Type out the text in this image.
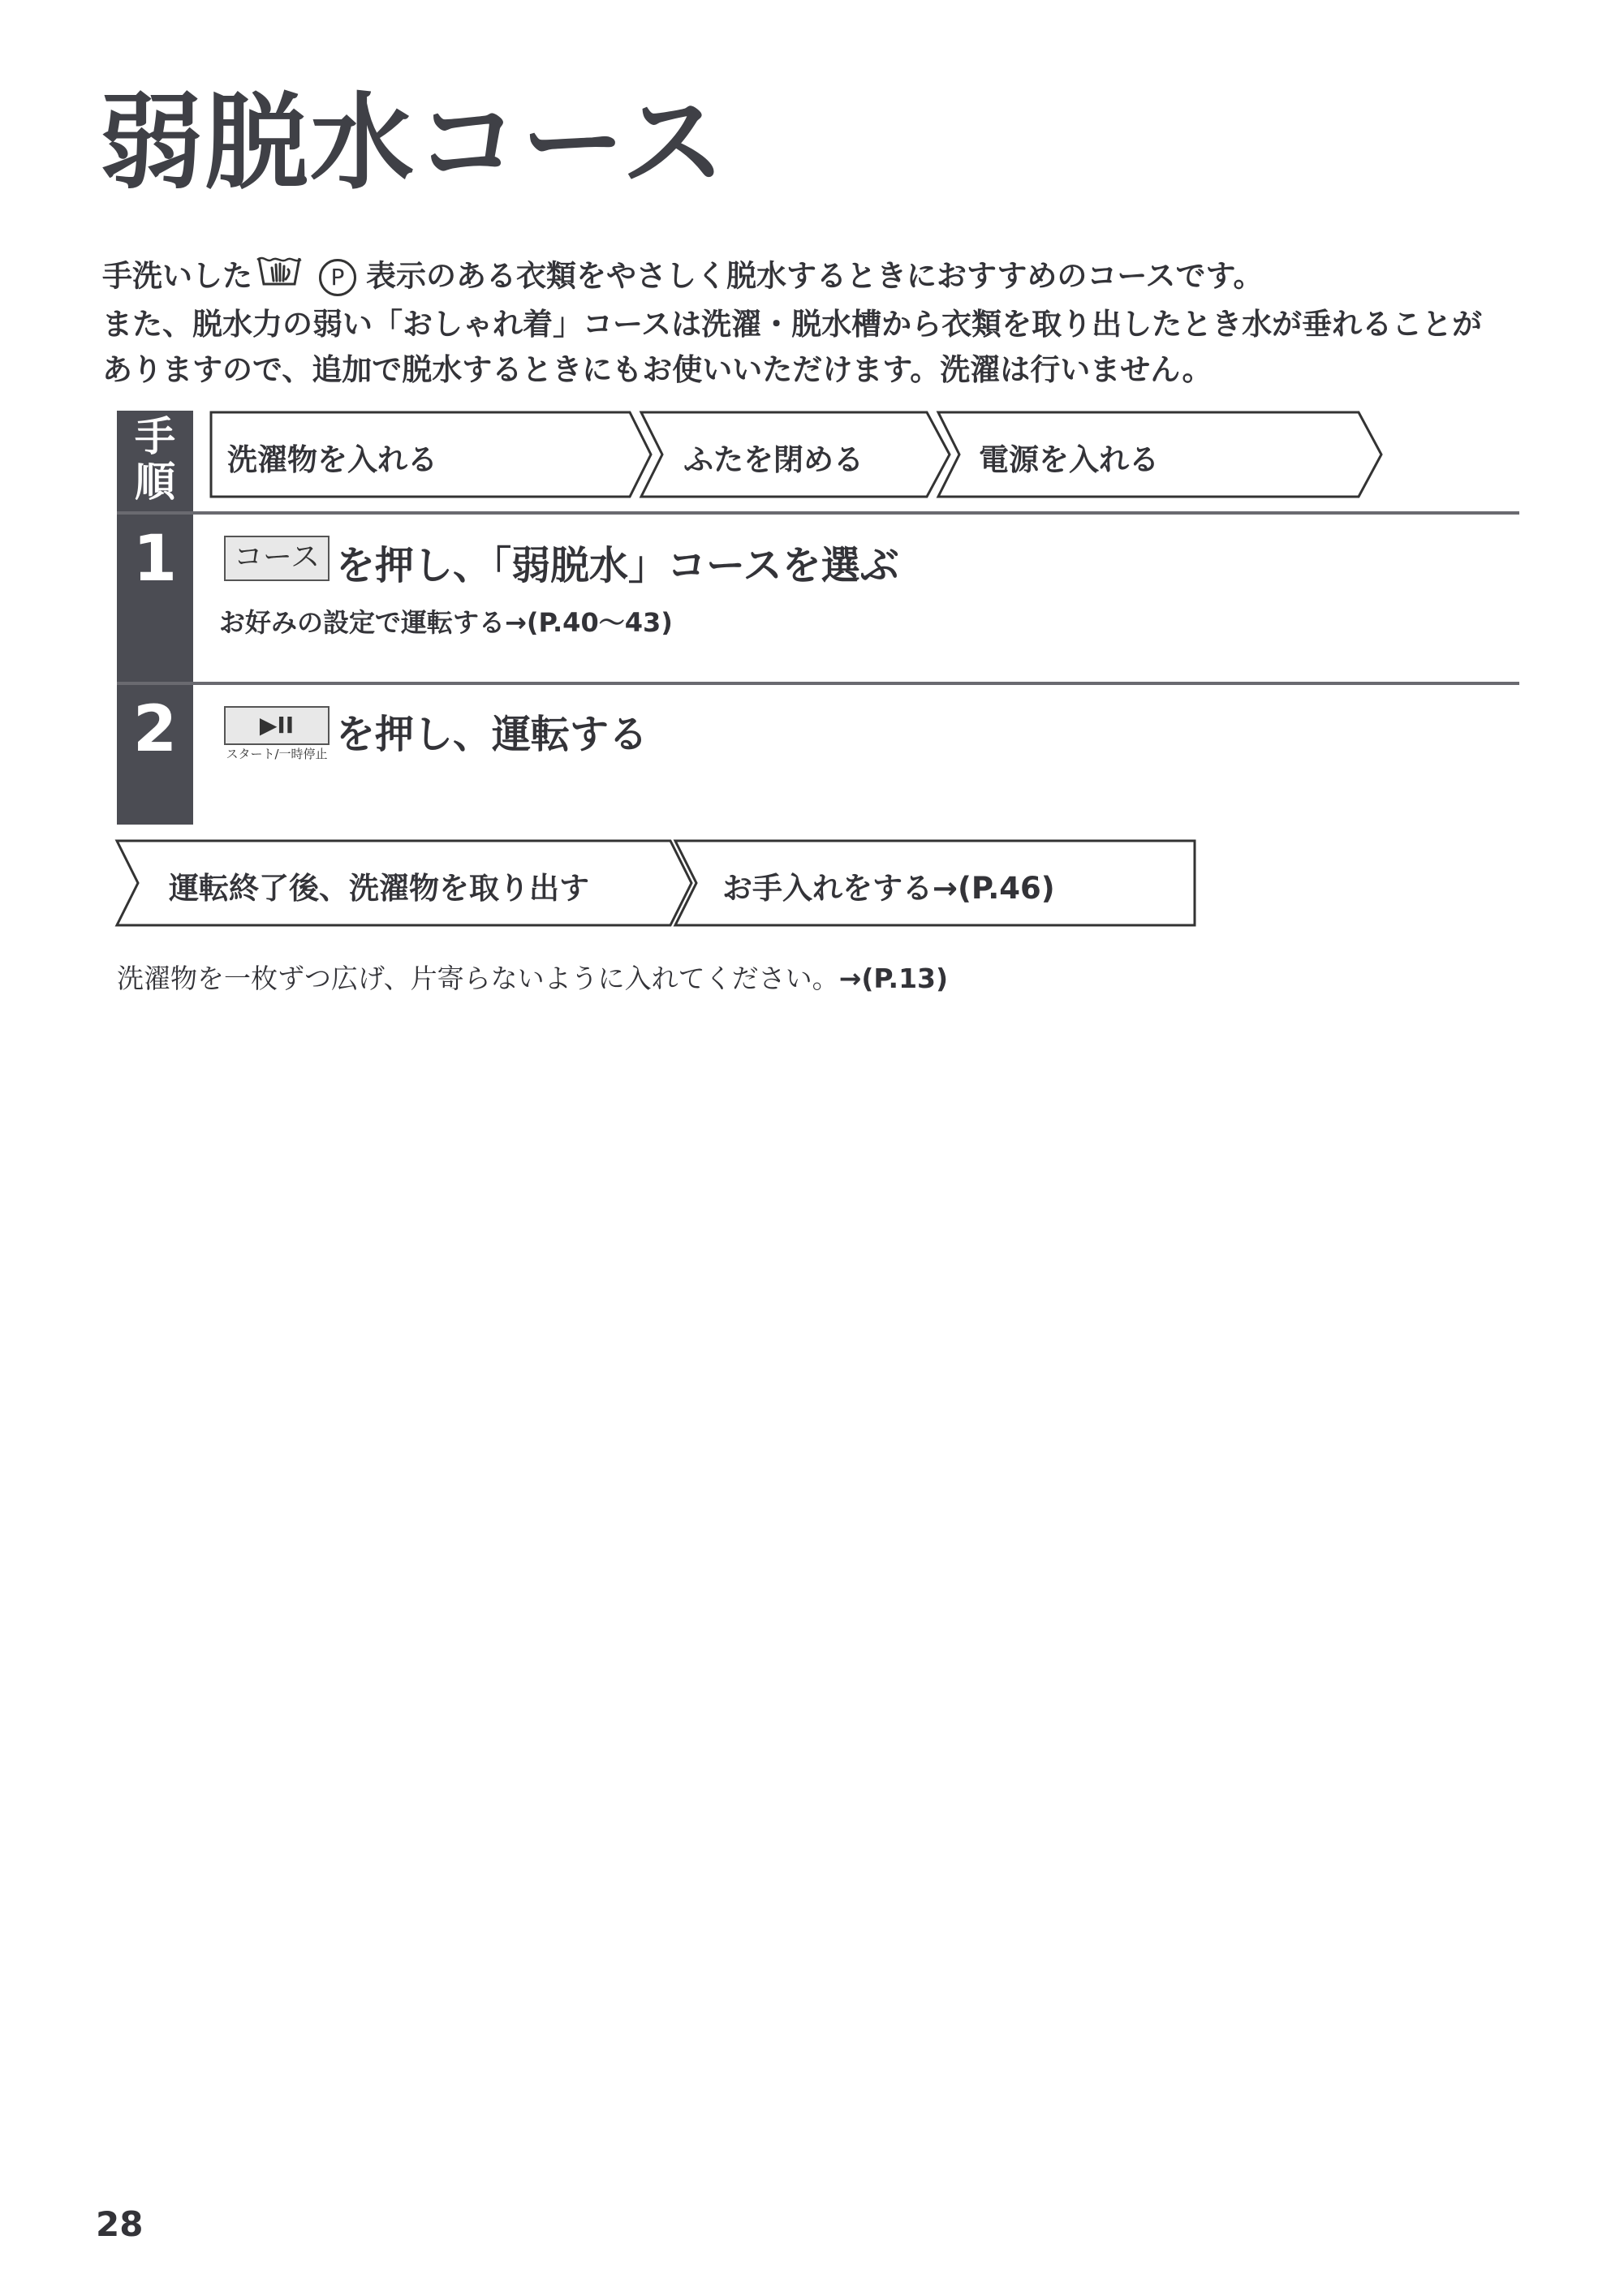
弱脱水コース

手洗いした	P 表示のある衣類をやさしく脱水するときにおすすめのコースです。

また、脱水力の弱い「おしゃれ着」コースは洗濯・脱水槽から衣類を取り出したとき水が垂れることが

ありますので、追加で脱水するときにもお使いいただけます。洗濯は行いません。

手順	洗濯物を入れる	ふたを閉める	電源を入れる
1	コース を押し、「弱脱水」コースを選ぶ
お好みの設定で運転する→(P.40〜43)
2	▶II
スタート/一時停止 を押し、運転する
運転終了後、洗濯物を取り出す	お手入れをする→(P.46)
洗濯物を一枚ずつ広げ、片寄らないように入れてください。→(P.13)
28
